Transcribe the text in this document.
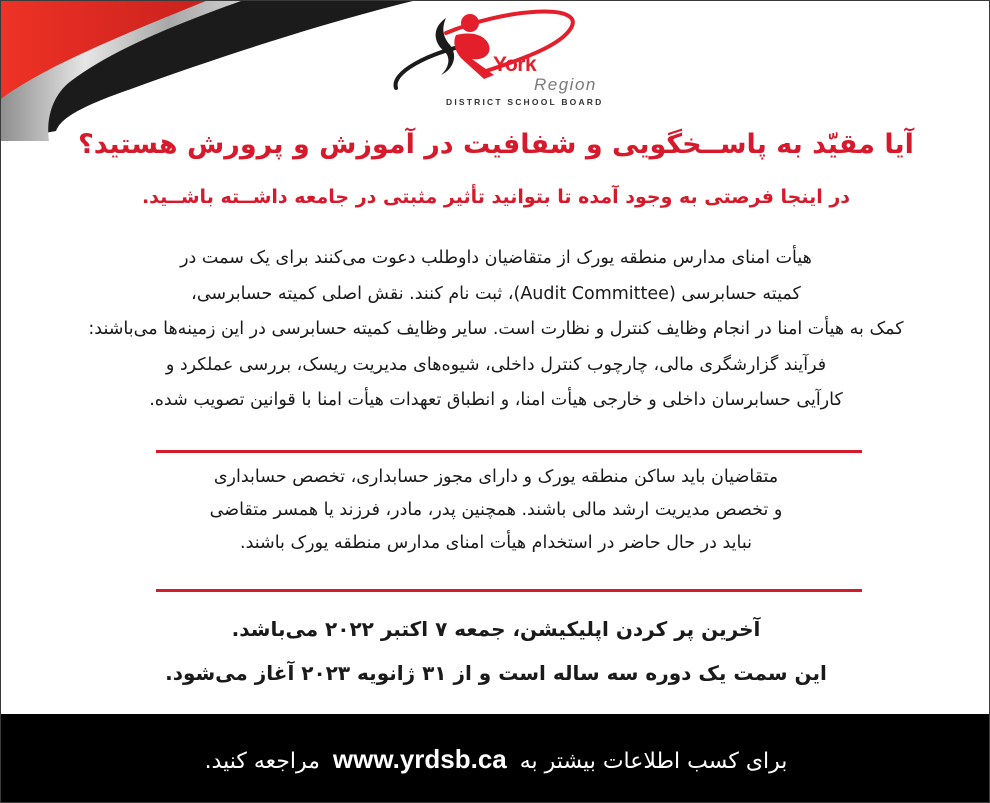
York
Region
DISTRICT SCHOOL BOARD
آیا مقیّد به پاســخگویی و شفافیت در آموزش و پرورش هستید؟
در اینجا فرصتی به وجود آمده تا بتوانید تأثیر مثبتی در جامعه داشــته باشــید.
هیأت امنای مدارس منطقه یورک از متقاضیان داوطلب دعوت می‌کنند برای یک سمت در
کمیته حسابرسی (Audit Committee)، ثبت نام کنند. نقش اصلی کمیته حسابرسی،
کمک به هیأت امنا در انجام وظایف کنترل و نظارت است. سایر وظایف کمیته حسابرسی در این زمینه‌ها می‌باشند:
فرآیند گزارشگری مالی، چارچوب کنترل داخلی، شیوه‌های مدیریت ریسک، بررسی عملکرد و
کارآیی حسابرسان داخلی و خارجی هیأت امنا، و انطباق تعهدات هیأت امنا با قوانین تصویب شده.
متقاضیان باید ساکن منطقه یورک و دارای مجوز حسابداری، تخصص حسابداری
و تخصص مدیریت ارشد مالی باشند. همچنین پدر، مادر، فرزند یا همسر متقاضی
نباید در حال حاضر در استخدام هیأت امنای مدارس منطقه یورک باشند.
آخرین پر کردن اپلیکیشن، جمعه ۷ اکتبر ۲۰۲۲ می‌باشد.
این سمت یک دوره سه ساله است و از ۳۱ ژانویه ۲۰۲۳ آغاز می‌شود.
برای کسب اطلاعات بیشتر به www.yrdsb.ca مراجعه کنید.
